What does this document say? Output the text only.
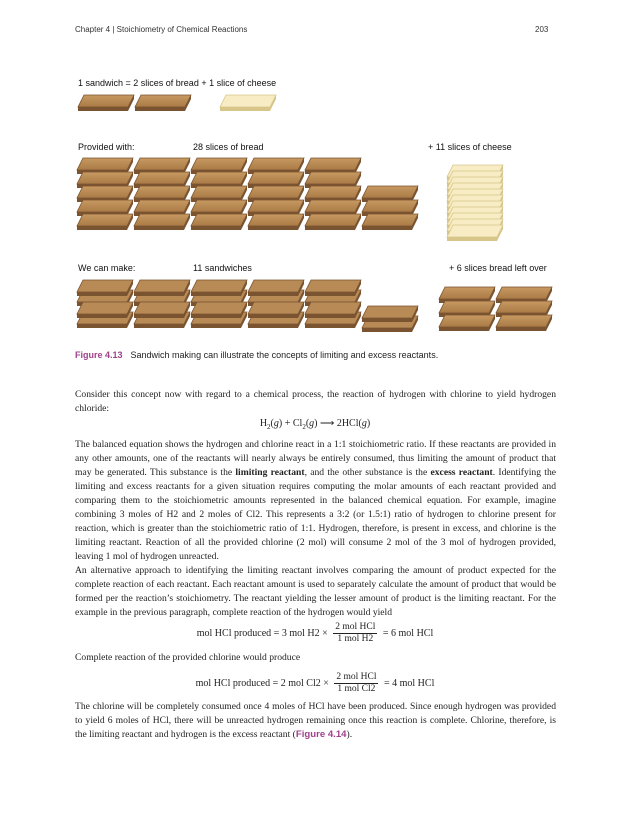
Chapter 4 | Stoichiometry of Chemical Reactions	203
1 sandwich = 2 slices of bread + 1 slice of cheese
Provided with:	28 slices of bread	+ 11 slices of cheese
We can make:	11 sandwiches	+ 6 slices bread left over
Figure 4.13 Sandwich making can illustrate the concepts of limiting and excess reactants.
Consider this concept now with regard to a chemical process, the reaction of hydrogen with chlorine to yield hydrogen chloride:
$H_2(g) + Cl_2(g)$ ⟶ 2HCl(g)
The balanced equation shows the hydrogen and chlorine react in a 1:1 stoichiometric ratio. If these reactants are provided in any other amounts, one of the reactants will nearly always be entirely consumed, thus limiting the amount of product that may be generated. This substance is the limiting reactant, and the other substance is the excess reactant. Identifying the limiting and excess reactants for a given situation requires computing the molar amounts of each reactant provided and comparing them to the stoichiometric amounts represented in the balanced chemical equation. For example, imagine combining 3 moles of H2 and 2 moles of Cl2. This represents a 3:2 (or 1.5:1) ratio of hydrogen to chlorine present for reaction, which is greater than the stoichiometric ratio of 1:1. Hydrogen, therefore, is present in excess, and chlorine is the limiting reactant. Reaction of all the provided chlorine (2 mol) will consume 2 mol of the 3 mol of hydrogen provided, leaving 1 mol of hydrogen unreacted.
An alternative approach to identifying the limiting reactant involves comparing the amount of product expected for the complete reaction of each reactant. Each reactant amount is used to separately calculate the amount of product that would be formed per the reaction’s stoichiometry. The reactant yielding the lesser amount of product is the limiting reactant. For the example in the previous paragraph, complete reaction of the hydrogen would yield
mol HCl produced = 3 mol $H2 \times \frac{\text{2 mol HCl}}{\text{1 mol H2}} = 6$ mol HCl
Complete reaction of the provided chlorine would produce
mol HCl produced = 2 mol $Cl2 \times \frac{\text{2 mol HCl}}{\text{1 mol Cl2}} = 4$ mol HCl
The chlorine will be completely consumed once 4 moles of HCl have been produced. Since enough hydrogen was provided to yield 6 moles of HCl, there will be unreacted hydrogen remaining once this reaction is complete. Chlorine, therefore, is the limiting reactant and hydrogen is the excess reactant (Figure 4.14).
